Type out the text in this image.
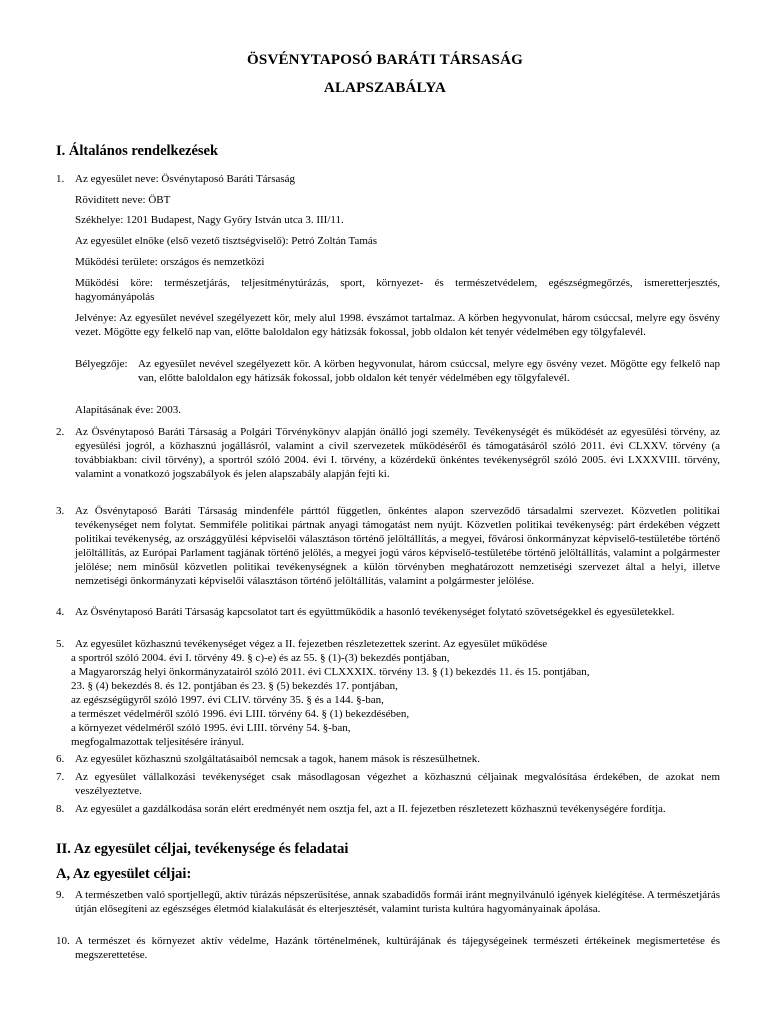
ÖSVÉNYTAPOSÓ BARÁTI TÁRSASÁG
ALAPSZABÁLYA
I. Általános rendelkezések
1. Az egyesület neve: Ösvénytaposó Baráti Társaság
Rövidített neve: ÖBT
Székhelye: 1201 Budapest, Nagy Győry István utca 3. III/11.
Az egyesület elnöke (első vezető tisztségviselő): Petró Zoltán Tamás
Működési területe: országos és nemzetközi
Működési köre: természetjárás, teljesítménytúrázás, sport, környezet- és természetvédelem, egészségmegőrzés, ismeretterjesztés, hagyományápolás
Jelvénye: Az egyesület nevével szegélyezett kör, mely alul 1998. évszámot tartalmaz. A körben hegyvonulat, három csúccsal, melyre egy ösvény vezet. Mögötte egy felkelő nap van, előtte baloldalon egy hátizsák fokossal, jobb oldalon két tenyér védelmében egy tölgyfalevél.
Bélyegzője: Az egyesület nevével szegélyezett kör. A körben hegyvonulat, három csúccsal, melyre egy ösvény vezet. Mögötte egy felkelő nap van, előtte baloldalon egy hátizsák fokossal, jobb oldalon két tenyér védelmében egy tölgyfalevél.
Alapításának éve: 2003.
2. Az Ösvénytaposó Baráti Társaság a Polgári Törvénykönyv alapján önálló jogi személy. Tevékenységét és működését az egyesülési törvény, az egyesülési jogról, a közhasznú jogállásról, valamint a civil szervezetek működéséről és támogatásáról szóló 2011. évi CLXXV. törvény (a továbbiakban: civil törvény), a sportról szóló 2004. évi I. törvény, a közérdekű önkéntes tevékenységről szóló 2005. évi LXXXVIII. törvény, valamint a vonatkozó jogszabályok és jelen alapszabály alapján fejti ki.
3. Az Ösvénytaposó Baráti Társaság mindenféle párttól független, önkéntes alapon szerveződő társadalmi szervezet. Közvetlen politikai tevékenységet nem folytat. Semmiféle politikai pártnak anyagi támogatást nem nyújt. Közvetlen politikai tevékenység: párt érdekében végzett politikai tevékenység, az országgyűlési képviselői választáson történő jelöltállítás, a megyei, fővárosi önkormányzat képviselő-testületébe történő jelöltállítás, az Európai Parlament tagjának történő jelölés, a megyei jogú város képviselő-testületébe történő jelöltállítás, valamint a polgármester jelölése; nem minősül közvetlen politikai tevékenységnek a külön törvényben meghatározott nemzetiségi szervezet által a helyi, illetve nemzetiségi önkormányzati képviselői választáson történő jelöltállítás, valamint a polgármester jelölése.
4. Az Ösvénytaposó Baráti Társaság kapcsolatot tart és együttműködik a hasonló tevékenységet folytató szövetségekkel és egyesületekkel.
5. Az egyesület közhasznú tevékenységet végez a II. fejezetben részletezettek szerint. Az egyesület működése
a sportról szóló 2004. évi I. törvény 49. § c)-e) és az 55. § (1)-(3) bekezdés pontjában,
a Magyarország helyi önkormányzatairól szóló 2011. évi CLXXXIX. törvény 13. § (1) bekezdés 11. és 15. pontjában,
23. § (4) bekezdés 8. és 12. pontjában és 23. § (5) bekezdés 17. pontjában,
az egészségügyről szóló 1997. évi CLIV. törvény 35. § és a 144. §-ban,
a természet védelméről szóló 1996. évi LIII. törvény 64. § (1) bekezdésében,
a környezet védelméről szóló 1995. évi LIII. törvény 54. §-ban,
megfogalmazottak teljesítésére irányul.
6. Az egyesület közhasznú szolgáltatásaiból nemcsak a tagok, hanem mások is részesülhetnek.
7. Az egyesület vállalkozási tevékenységet csak másodlagosan végezhet a közhasznú céljainak megvalósítása érdekében, de azokat nem veszélyeztetve.
8. Az egyesület a gazdálkodása során elért eredményét nem osztja fel, azt a II. fejezetben részletezett közhasznú tevékenységére fordítja.
II. Az egyesület céljai, tevékenysége és feladatai
A, Az egyesület céljai:
9. A természetben való sportjellegű, aktív túrázás népszerűsítése, annak szabadidős formái iránt megnyilvánuló igények kielégítése. A természetjárás útján elősegíteni az egészséges életmód kialakulását és elterjesztését, valamint turista kultúra hagyományainak ápolása.
10. A természet és környezet aktív védelme, Hazánk történelmének, kultúrájának és tájegységeinek természeti értékeinek megismertetése és megszerettetése.
